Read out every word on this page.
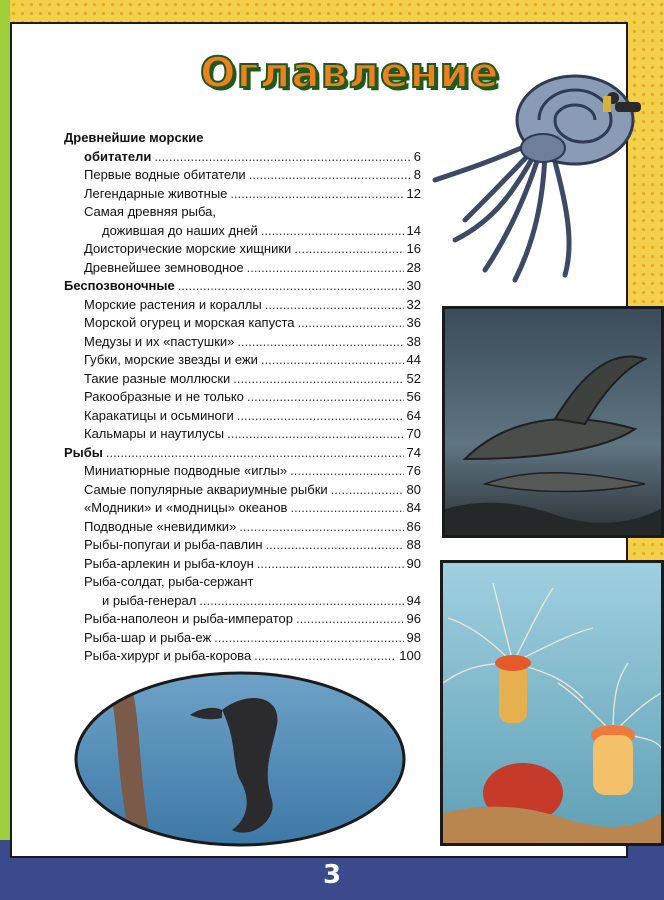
Оглавление
Древнейшие морские
обитатели .....	6
Первые водные обитатели .....	8
Легендарные животные .....	12
Самая древняя рыба,
дожившая до наших дней .....	14
Доисторические морские хищники .....	16
Древнейшее земноводное .....	28
Беспозвоночные .....	30
Морские растения и кораллы .....	32
Морской огурец и морская капуста .....	36
Медузы и их «пастушки» .....	38
Губки, морские звезды и ежи .....	44
Такие разные моллюски .....	52
Ракообразные и не только .....	56
Каракатицы и осьминоги .....	64
Кальмары и наутилусы .....	70
Рыбы .....	74
Миниатюрные подводные «иглы» .....	76
Самые популярные аквариумные рыбки .....	80
«Модники» и «модницы» океанов .....	84
Подводные «невидимки» .....	86
Рыбы-попугаи и рыба-павлин .....	88
Рыба-арлекин и рыба-клоун .....	90
Рыба-солдат, рыба-сержант
и рыба-генерал .....	94
Рыба-наполеон и рыба-император .....	96
Рыба-шар и рыба-еж .....	98
Рыба-хирург и рыба-корова .....	100
3
